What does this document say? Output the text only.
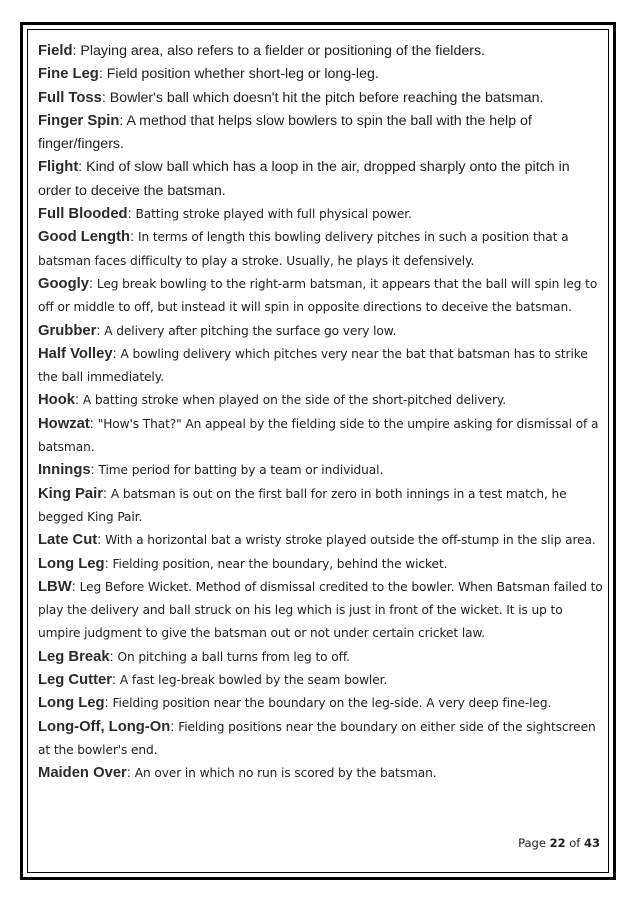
Field: Playing area, also refers to a fielder or positioning of the fielders.

Fine Leg: Field position whether short-leg or long-leg.

Full Toss: Bowler's ball which doesn't hit the pitch before reaching the batsman.

Finger Spin: A method that helps slow bowlers to spin the ball with the help of finger/fingers.

Flight: Kind of slow ball which has a loop in the air, dropped sharply onto the pitch in order to deceive the batsman.

Full Blooded: Batting stroke played with full physical power.

Good Length: In terms of length this bowling delivery pitches in such a position that a batsman faces difficulty to play a stroke. Usually, he plays it defensively.

Googly: Leg break bowling to the right-arm batsman, it appears that the ball will spin leg to off or middle to off, but instead it will spin in opposite directions to deceive the batsman.

Grubber: A delivery after pitching the surface go very low.

Half Volley: A bowling delivery which pitches very near the bat that batsman has to strike the ball immediately.

Hook: A batting stroke when played on the side of the short-pitched delivery.

Howzat: "How's That?" An appeal by the fielding side to the umpire asking for dismissal of a batsman.

Innings: Time period for batting by a team or individual.

King Pair: A batsman is out on the first ball for zero in both innings in a test match, he begged King Pair.

Late Cut: With a horizontal bat a wristy stroke played outside the off-stump in the slip area.

Long Leg: Fielding position, near the boundary, behind the wicket.

LBW: Leg Before Wicket. Method of dismissal credited to the bowler. When Batsman failed to play the delivery and ball struck on his leg which is just in front of the wicket. It is up to umpire judgment to give the batsman out or not under certain cricket law.

Leg Break: On pitching a ball turns from leg to off.

Leg Cutter: A fast leg-break bowled by the seam bowler.

Long Leg: Fielding position near the boundary on the leg-side. A very deep fine-leg.

Long-Off, Long-On: Fielding positions near the boundary on either side of the sightscreen at the bowler's end.

Maiden Over: An over in which no run is scored by the batsman.

Page 22 of 43
